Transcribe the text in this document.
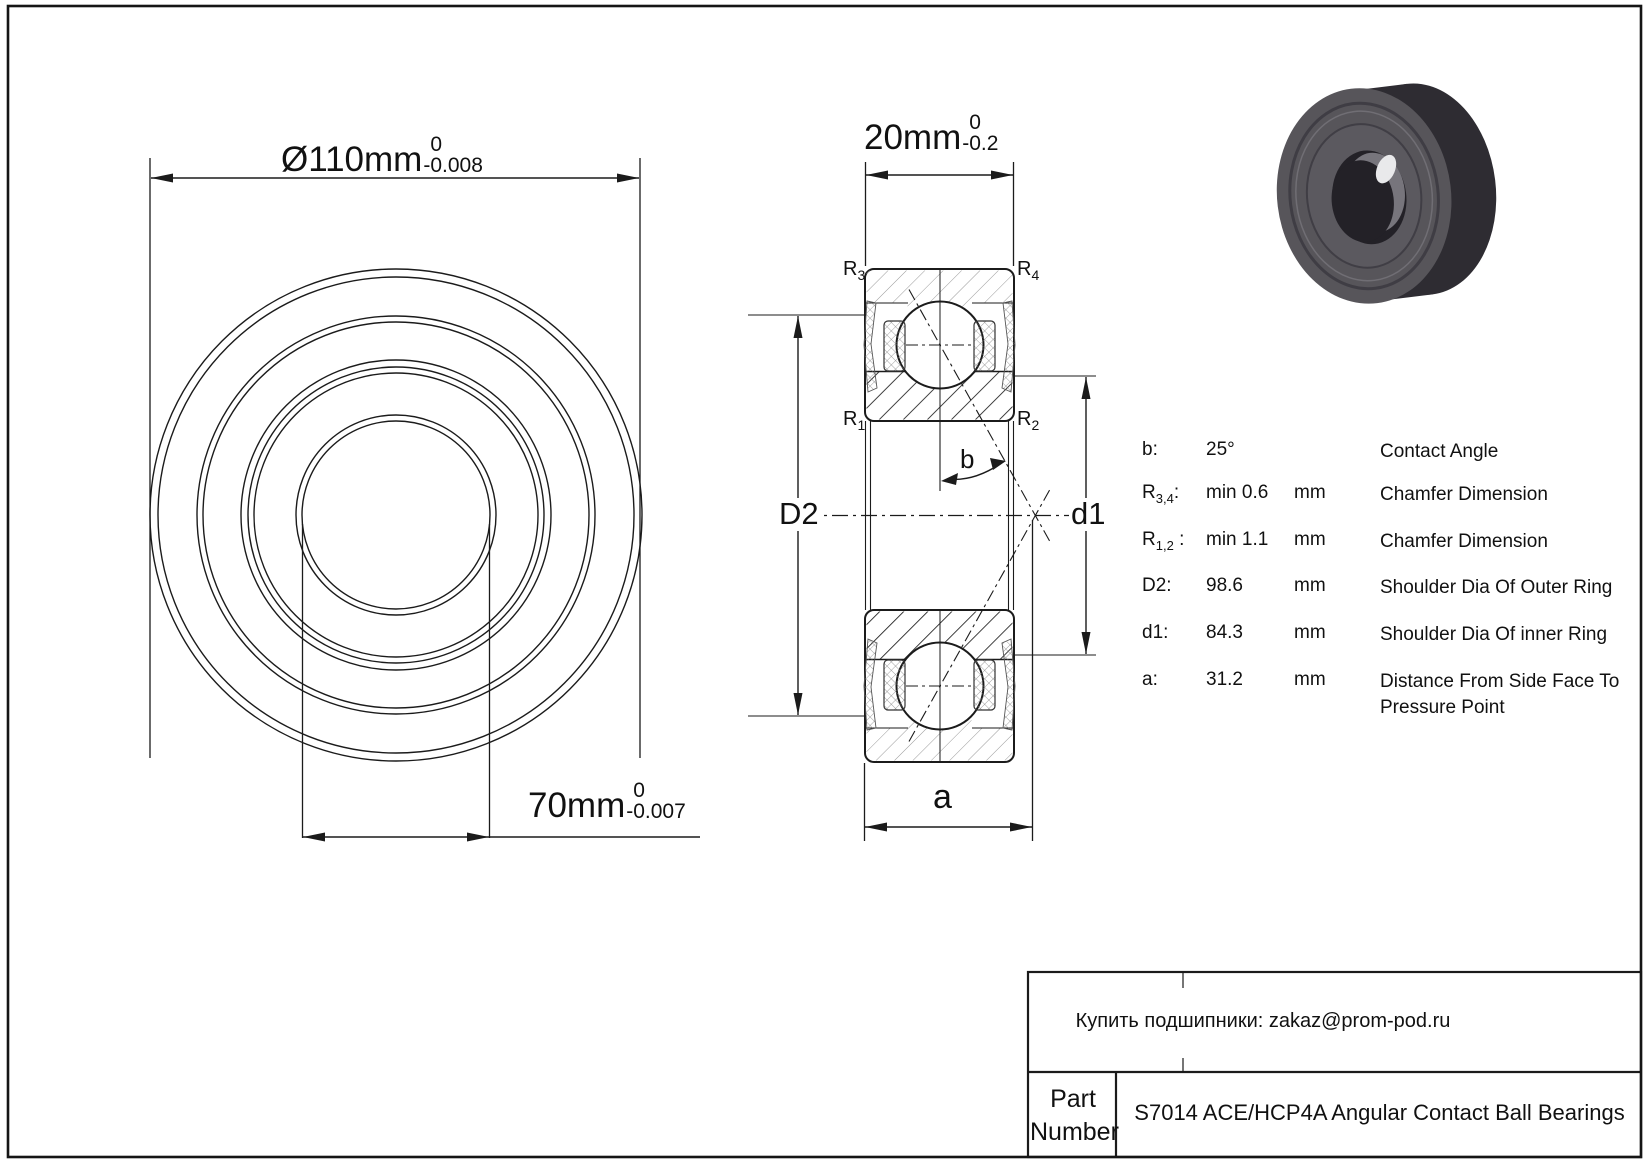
Ø110mm 0
-0.008
70mm 0
-0.007
20mm 0
-0.2
$R_3$	$R_4$
$R_1$	$R_2$
D2	d1
b
a
b:	25°	Contact Angle
$R_{3,4}$: min 0.6 mm	Chamfer Dimension
$R_{1,2}$ : min 1.1 mm	Chamfer Dimension
D2: 98.6	mm	Shoulder Dia Of Outer Ring
d1: 84.3	mm	Shoulder Dia Of inner Ring
a:	31.2	mm	Distance From Side Face To Pressure Point
Купить подшипники: zakaz@prom-pod.ru
Part Number
S7014 ACE/HCP4A Angular Contact Ball Bearings
